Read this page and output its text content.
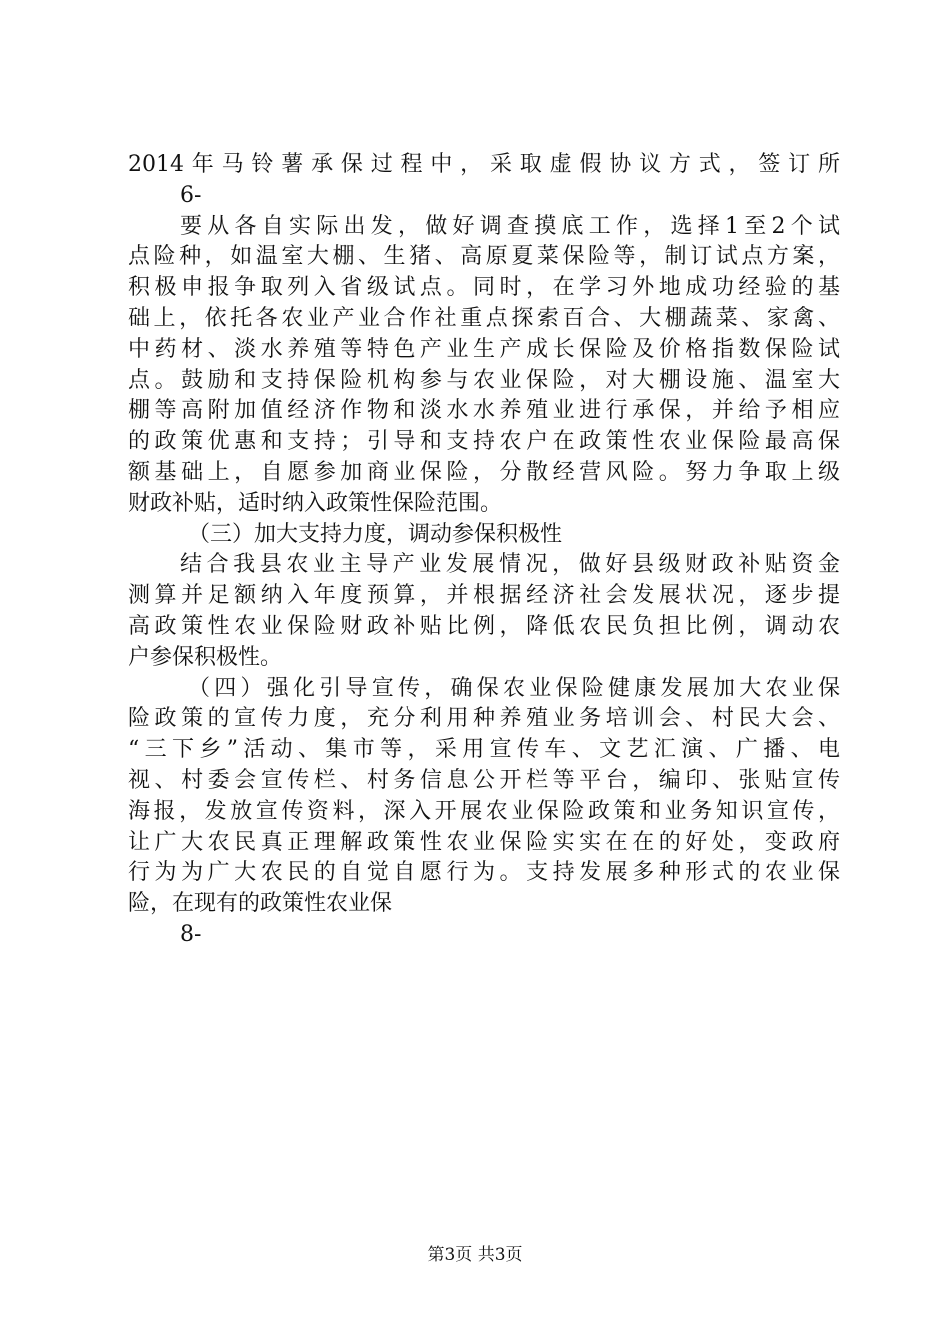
2014年马铃薯承保过程中，采取虚假协议方式，签订所
6-
要从各自实际出发，做好调查摸底工作，选择1至2个试
点险种，如温室大棚、生猪、高原夏菜保险等，制订试点方案，
积极申报争取列入省级试点。同时，在学习外地成功经验的基
础上，依托各农业产业合作社重点探索百合、大棚蔬菜、家禽、
中药材、淡水养殖等特色产业生产成长保险及价格指数保险试
点。鼓励和支持保险机构参与农业保险，对大棚设施、温室大
棚等高附加值经济作物和淡水水养殖业进行承保，并给予相应
的政策优惠和支持；引导和支持农户在政策性农业保险最高保
额基础上，自愿参加商业保险，分散经营风险。努力争取上级
财政补贴，适时纳入政策性保险范围。
（三）加大支持力度，调动参保积极性
结合我县农业主导产业发展情况，做好县级财政补贴资金
测算并足额纳入年度预算，并根据经济社会发展状况，逐步提
高政策性农业保险财政补贴比例，降低农民负担比例，调动农
户参保积极性。
（四）强化引导宣传，确保农业保险健康发展加大农业保
险政策的宣传力度，充分利用种养殖业务培训会、村民大会、
“三下乡”活动、集市等，采用宣传车、文艺汇演、广播、电
视、村委会宣传栏、村务信息公开栏等平台，编印、张贴宣传
海报，发放宣传资料，深入开展农业保险政策和业务知识宣传，
让广大农民真正理解政策性农业保险实实在在的好处，变政府
行为为广大农民的自觉自愿行为。支持发展多种形式的农业保
险，在现有的政策性农业保
8-
第3页 共3页
